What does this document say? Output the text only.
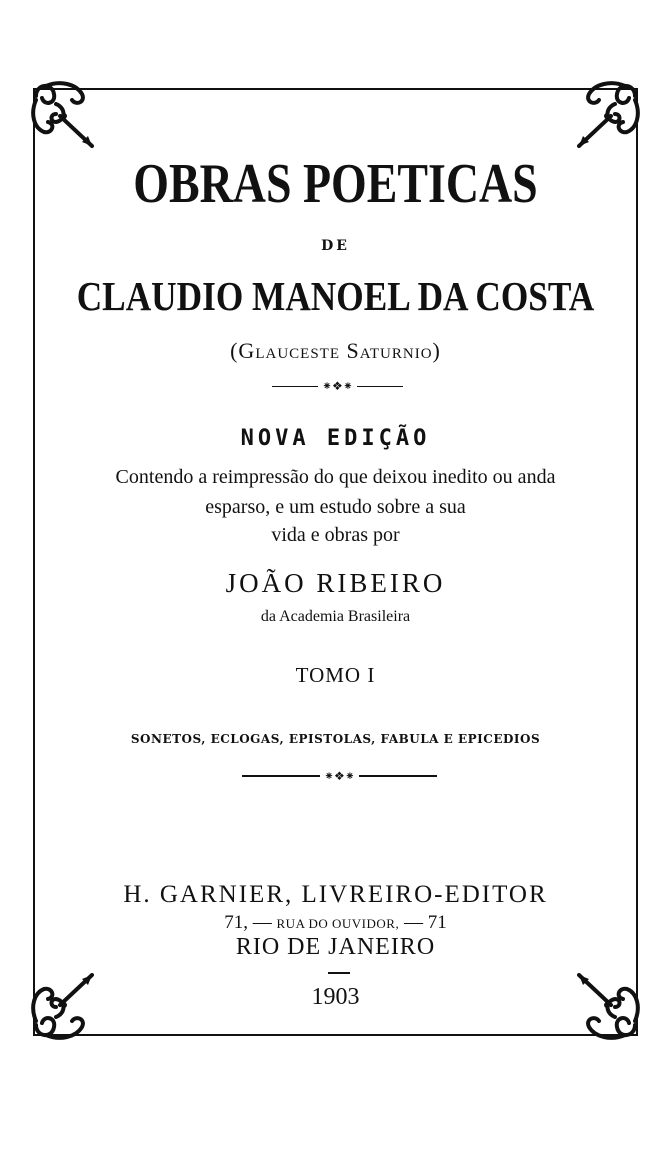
OBRAS POETICAS
DE
CLAUDIO MANOEL DA COSTA
(Glauceste Saturnio)
⁕❖⁕
NOVA EDIÇÃO
Contendo a reimpressão do que deixou inedito ou anda
esparso, e um estudo sobre a sua
vida e obras por
JOÃO RIBEIRO
da Academia Brasileira
TOMO I
SONETOS, ECLOGAS, EPISTOLAS, FABULA E EPICEDIOS
⁕❖⁕
H. GARNIER, LIVREIRO-EDITOR
71, — RUA DO OUVIDOR, — 71
RIO DE JANEIRO
1903
